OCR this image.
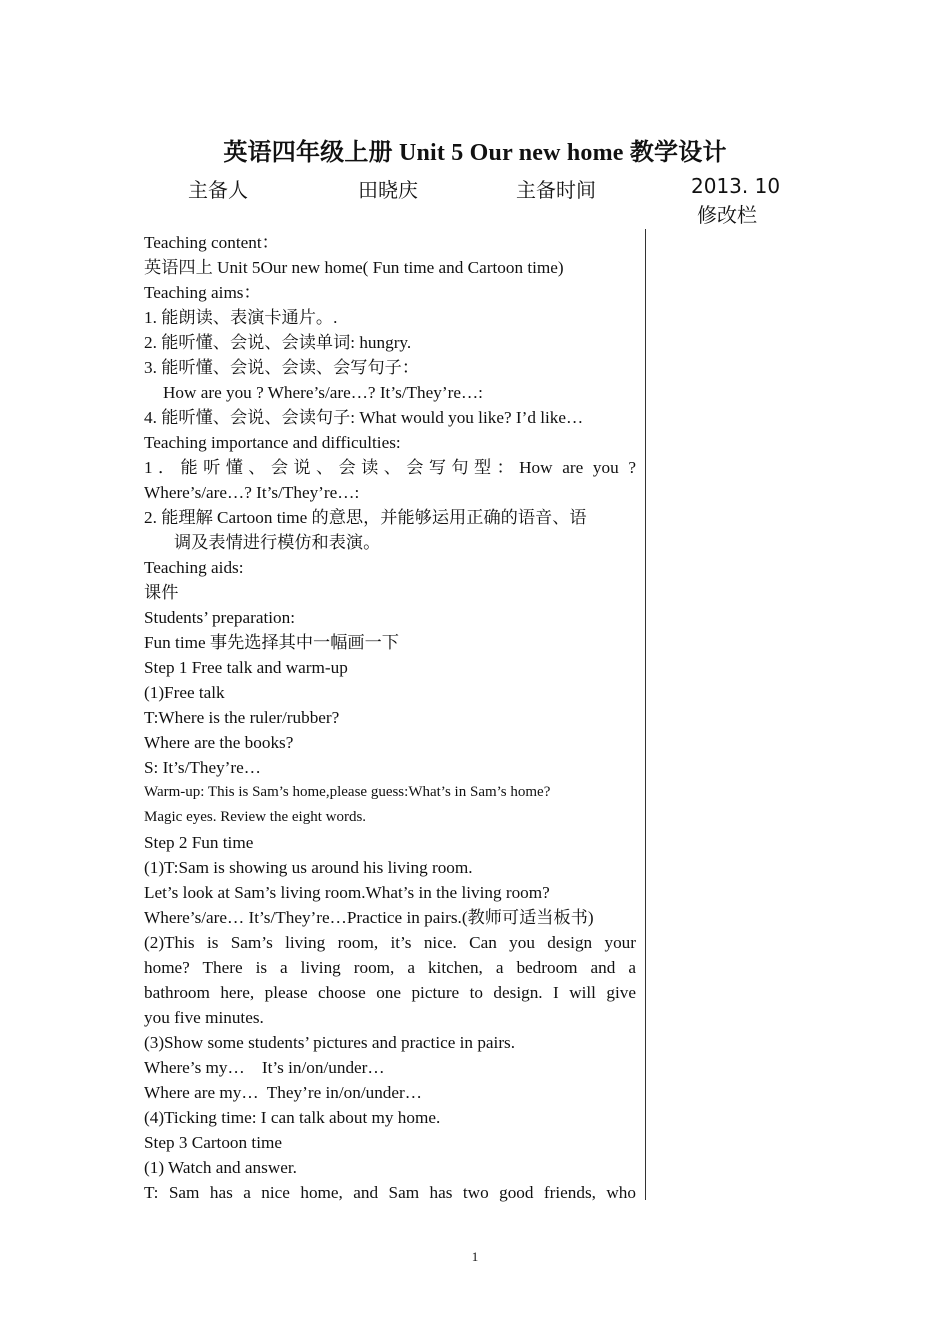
英语四年级上册 Unit 5 Our new home 教学设计
主备人	田晓庆	主备时间	2013. 10
修改栏
Teaching content：
英语四上 Unit 5Our new home( Fun time and Cartoon time)
Teaching aims：
1. 能朗读、表演卡通片。.
2. 能听懂、会说、会读单词: hungry.
3. 能听懂、会说、会读、会写句子：
How are you ? Where’s/are…? It’s/They’re…:
4. 能听懂、会说、会读句子: What would you like? I’d like…
Teaching importance and difficulties:
1．能听懂、会说、会读、会写句型：How are you ?
Where’s/are…? It’s/They’re…:
2. 能理解 Cartoon time 的意思，并能够运用正确的语音、语
调及表情进行模仿和表演。
Teaching aids:
课件
Students’ preparation:
Fun time 事先选择其中一幅画一下
Step 1 Free talk and warm-up
(1)Free talk
T:Where is the ruler/rubber?
Where are the books?
S: It’s/They’re…
Warm-up: This is Sam’s home,please guess:What’s in Sam’s home?
Magic eyes. Review the eight words.
Step 2 Fun time
(1)T:Sam is showing us around his living room.
Let’s look at Sam’s living room.What’s in the living room?
Where’s/are… It’s/They’re…Practice in pairs.(教师可适当板书)
(2)This is Sam’s living room, it’s nice. Can you design your
home? There is a living room, a kitchen, a bedroom and a
bathroom here, please choose one picture to design. I will give
you five minutes.
(3)Show some students’ pictures and practice in pairs.
Where’s my…    It’s in/on/under…
Where are my…  They’re in/on/under…
(4)Ticking time: I can talk about my home.
Step 3 Cartoon time
(1) Watch and answer.
T: Sam has a nice home, and Sam has two good friends, who
1
